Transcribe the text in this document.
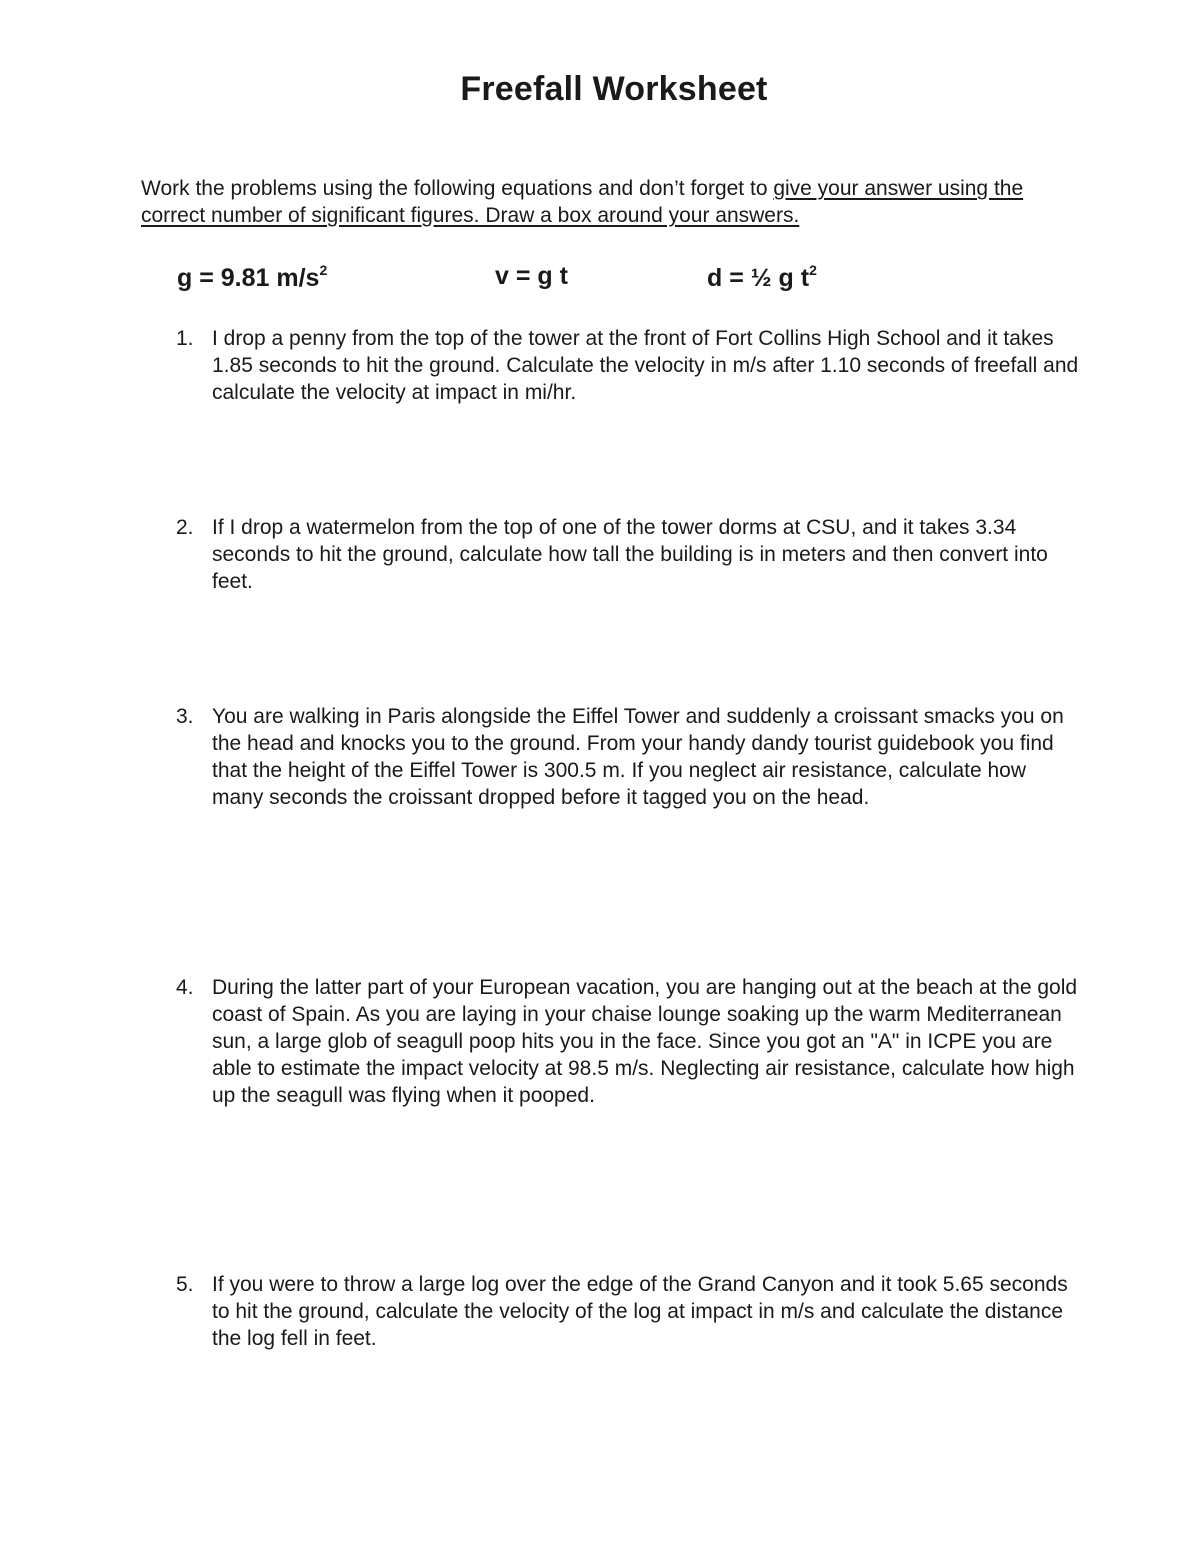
Freefall Worksheet
Work the problems using the following equations and don’t forget to give your answer using the correct number of significant figures. Draw a box around your answers.
g = 9.81 $m/s^2$	v = g t	d = ½ g $t^2$
1. I drop a penny from the top of the tower at the front of Fort Collins High School and it takes 1.85 seconds to hit the ground. Calculate the velocity in m/s after 1.10 seconds of freefall and calculate the velocity at impact in mi/hr.
2. If I drop a watermelon from the top of one of the tower dorms at CSU, and it takes 3.34 seconds to hit the ground, calculate how tall the building is in meters and then convert into feet.
3. You are walking in Paris alongside the Eiffel Tower and suddenly a croissant smacks you on the head and knocks you to the ground. From your handy dandy tourist guidebook you find that the height of the Eiffel Tower is 300.5 m. If you neglect air resistance, calculate how many seconds the croissant dropped before it tagged you on the head.
4. During the latter part of your European vacation, you are hanging out at the beach at the gold coast of Spain. As you are laying in your chaise lounge soaking up the warm Mediterranean sun, a large glob of seagull poop hits you in the face. Since you got an "A" in ICPE you are able to estimate the impact velocity at 98.5 m/s. Neglecting air resistance, calculate how high up the seagull was flying when it pooped.
5. If you were to throw a large log over the edge of the Grand Canyon and it took 5.65 seconds to hit the ground, calculate the velocity of the log at impact in m/s and calculate the distance the log fell in feet.
